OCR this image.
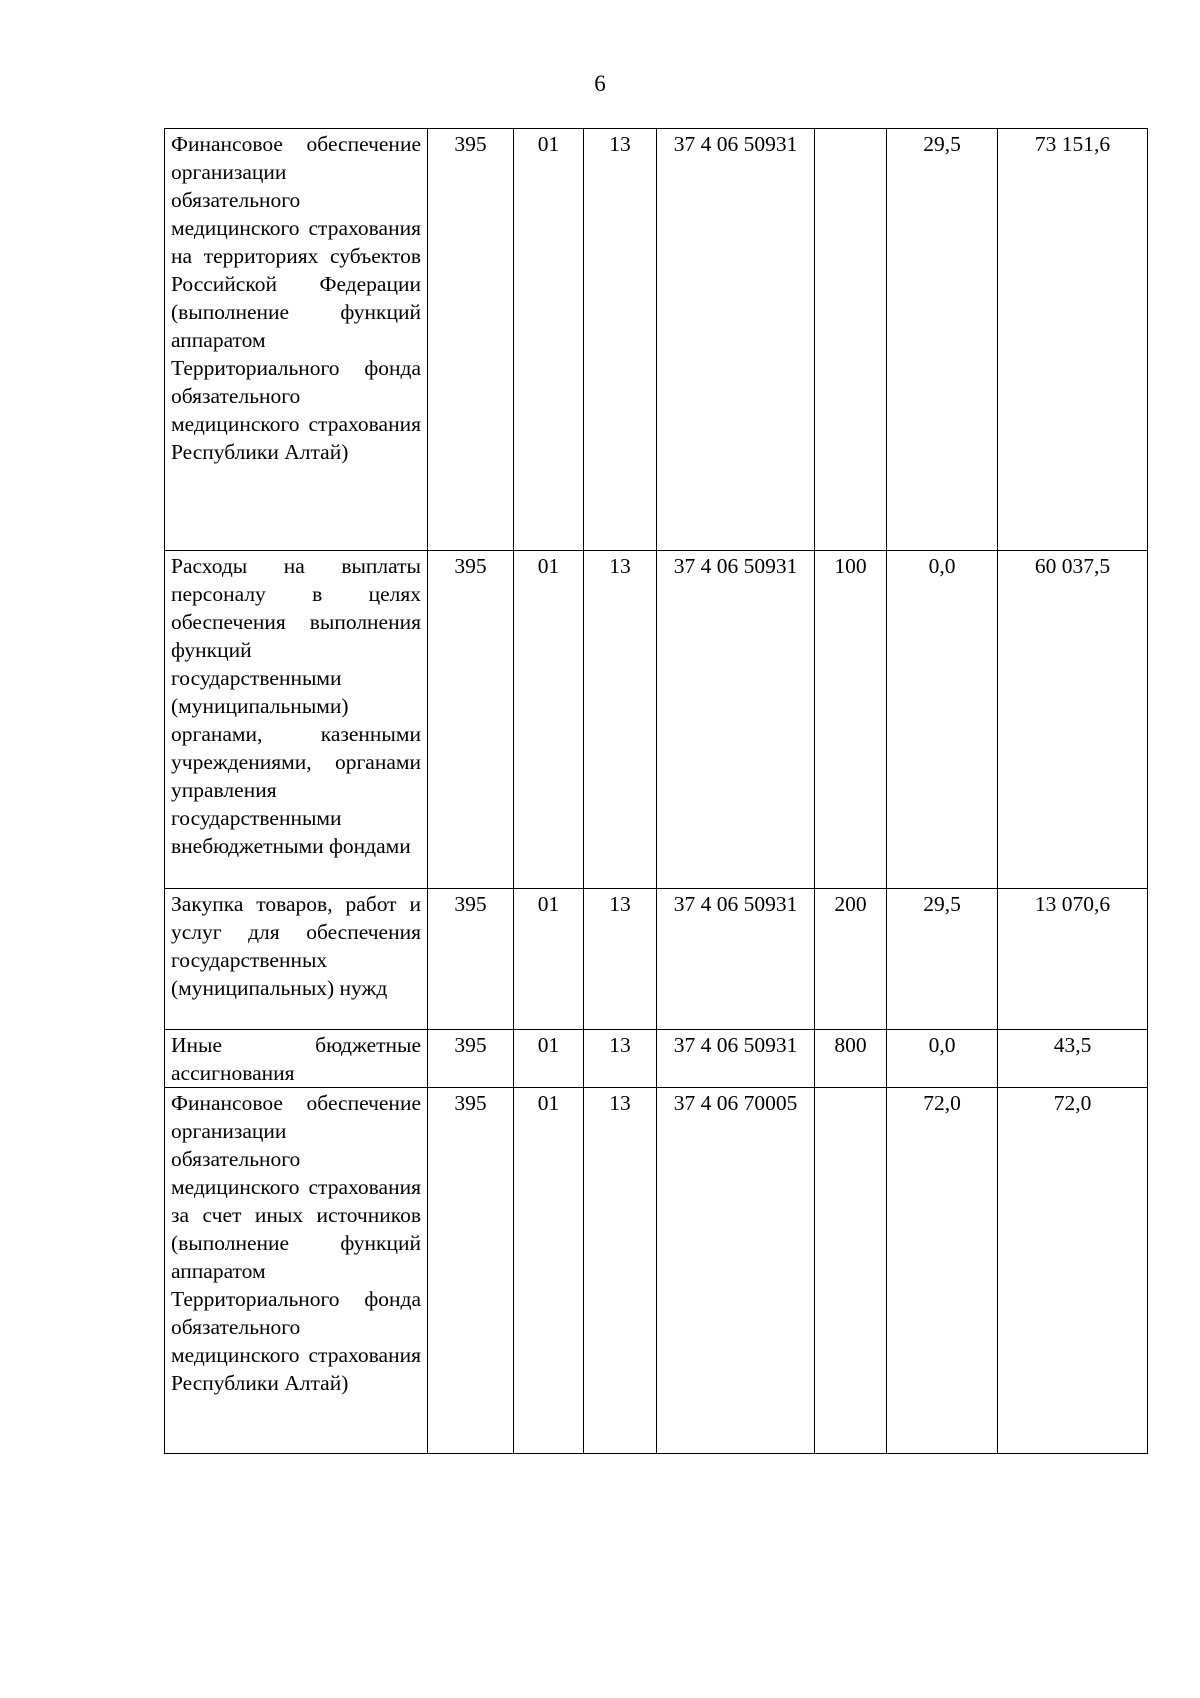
6
Финансовое обеспечение организации обязательного медицинского страхования на территориях субъектов Российской Федерации (выполнение функций аппаратом Территориального фонда обязательного медицинского страхования Республики Алтай)	395	01	13	37 4 06 50931		29,5	73 151,6
Расходы на выплаты персоналу в целях обеспечения выполнения функций государственными (муниципальными) органами, казенными учреждениями, органами управления государственными внебюджетными фондами	395	01	13	37 4 06 50931	100	0,0	60 037,5
Закупка товаров, работ и услуг для обеспечения государственных (муниципальных) нужд	395	01	13	37 4 06 50931	200	29,5	13 070,6
Иные бюджетные ассигнования	395	01	13	37 4 06 50931	800	0,0	43,5
Финансовое обеспечение организации обязательного медицинского страхования за счет иных источников (выполнение функций аппаратом Территориального фонда обязательного медицинского страхования Республики Алтай)	395	01	13	37 4 06 70005		72,0	72,0
